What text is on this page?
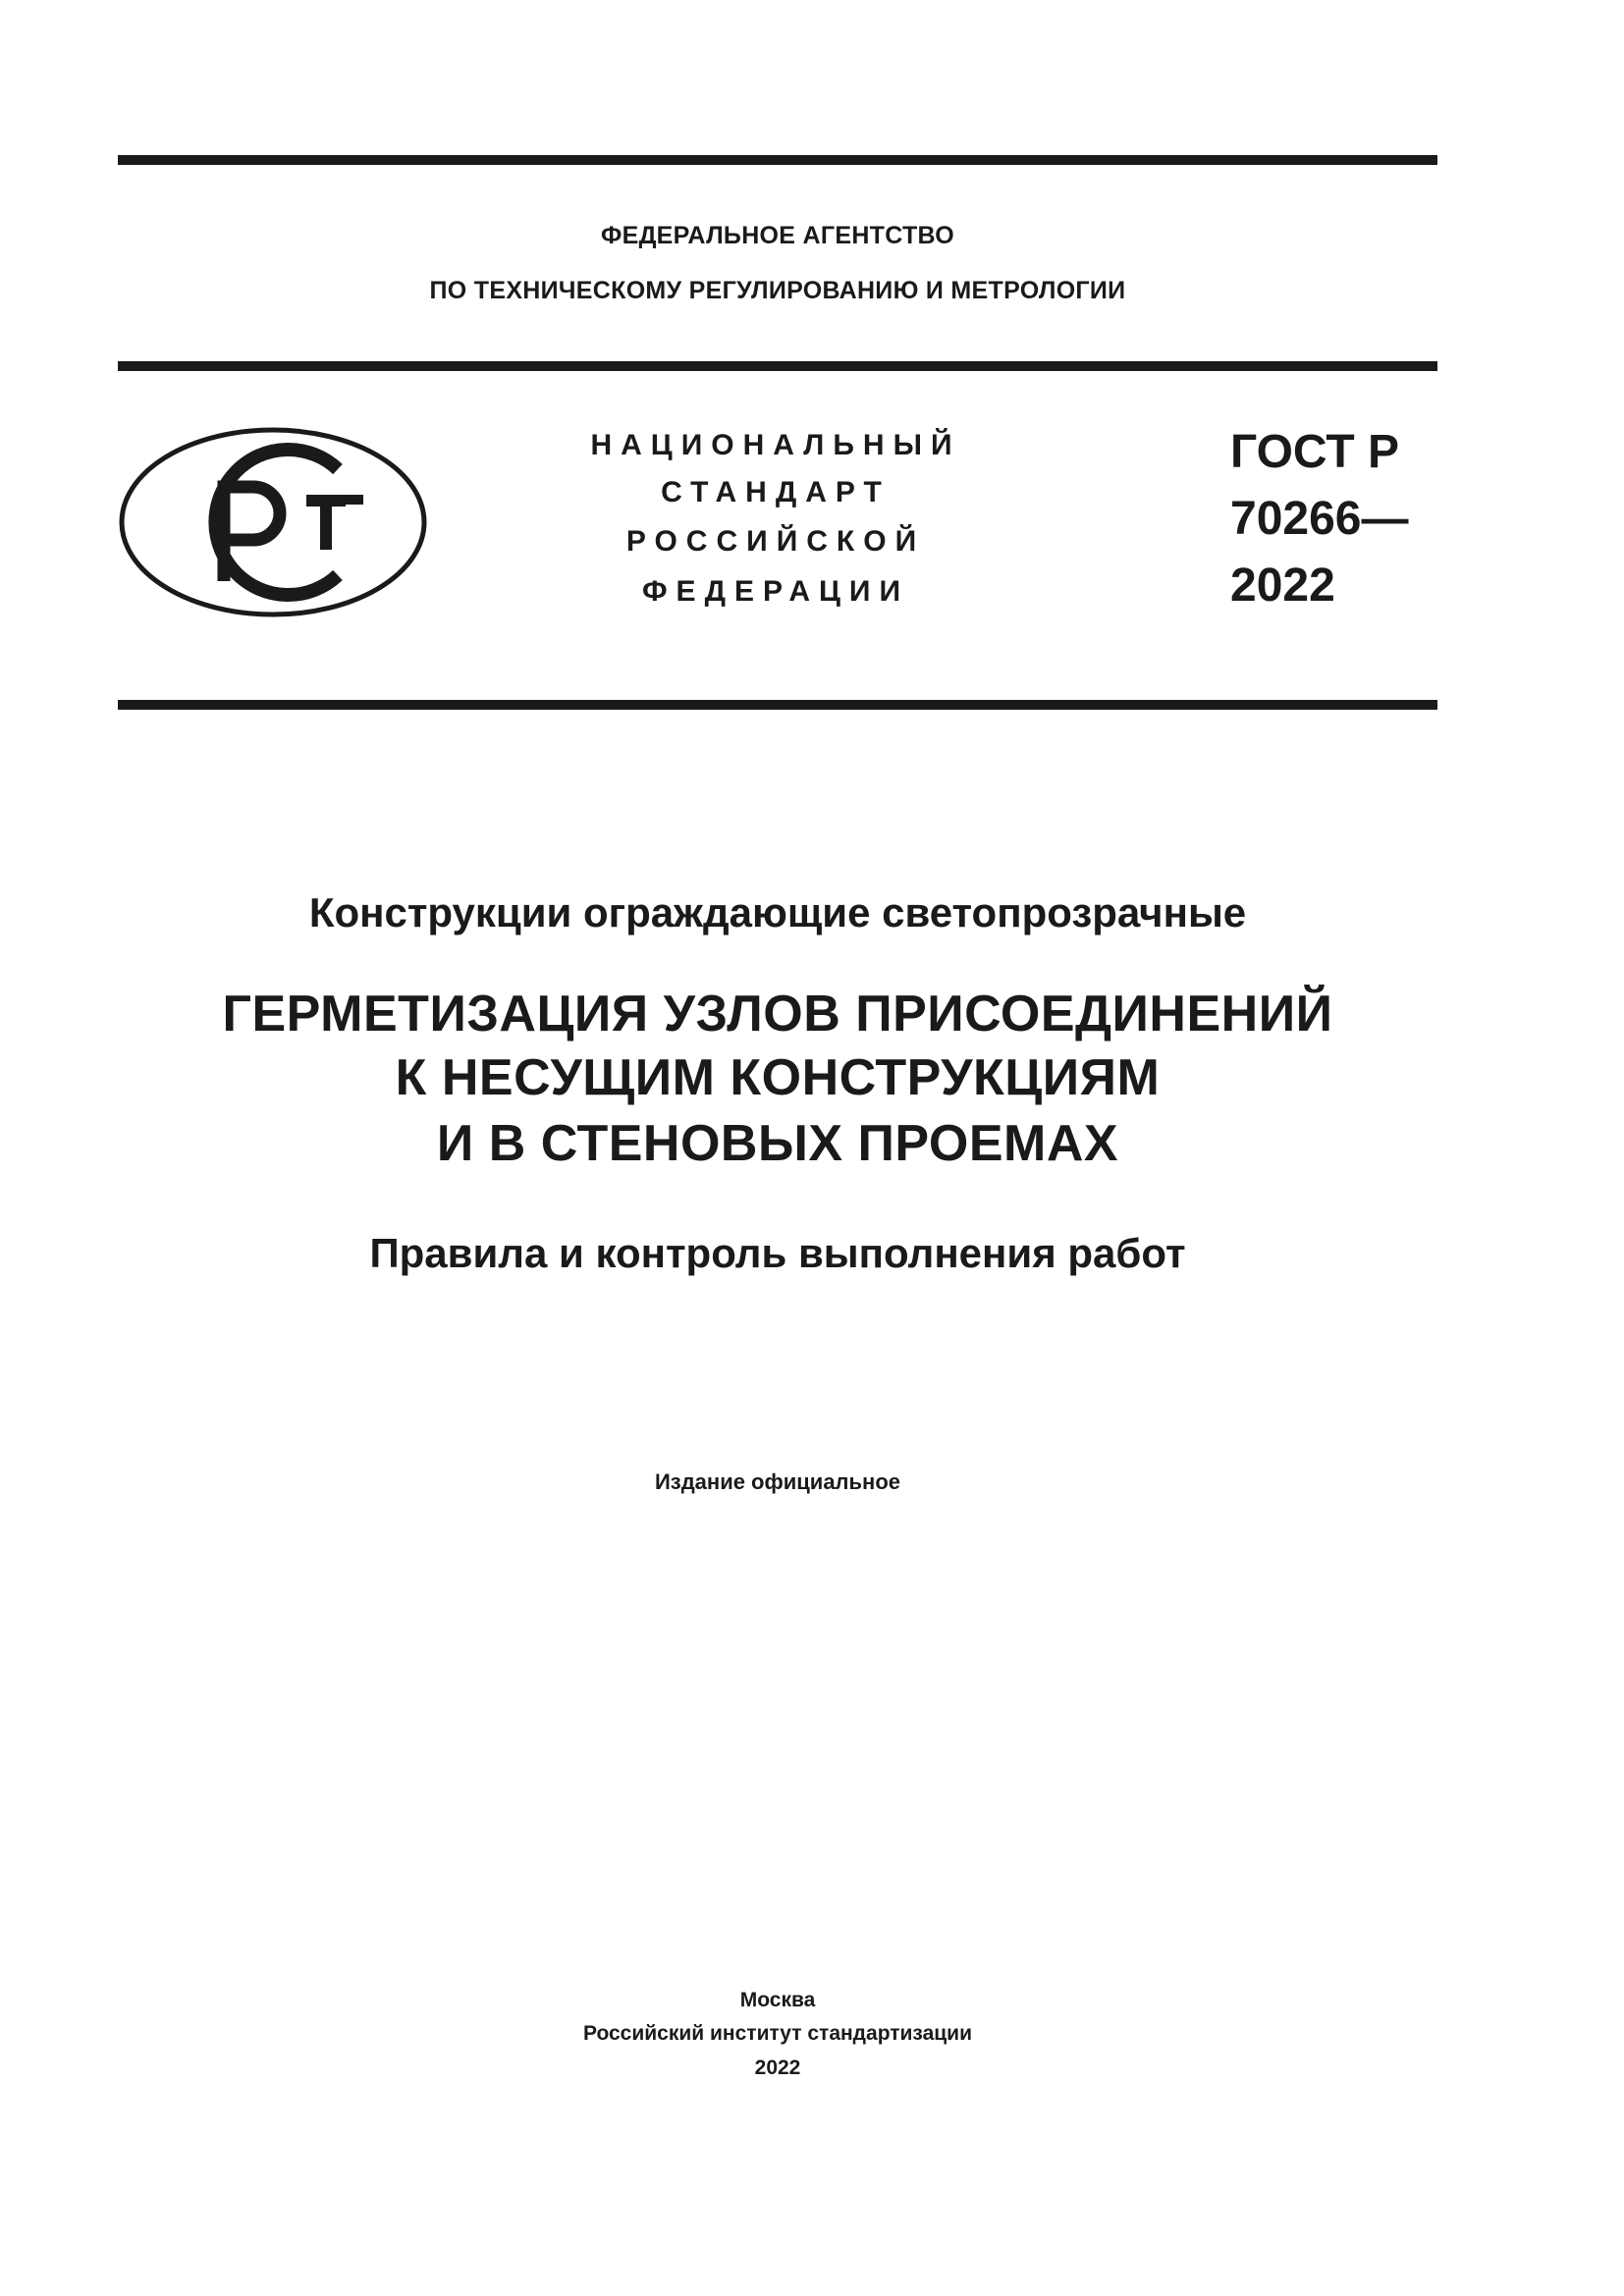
ФЕДЕРАЛЬНОЕ АГЕНТСТВО
ПО ТЕХНИЧЕСКОМУ РЕГУЛИРОВАНИЮ И МЕТРОЛОГИИ
НАЦИОНАЛЬНЫЙ
СТАНДАРТ
РОССИЙСКОЙ
ФЕДЕРАЦИИ
ГОСТ Р
70266—
2022
Конструкции ограждающие светопрозрачные
ГЕРМЕТИЗАЦИЯ УЗЛОВ ПРИСОЕДИНЕНИЙ
К НЕСУЩИМ КОНСТРУКЦИЯМ
И В СТЕНОВЫХ ПРОЕМАХ
Правила и контроль выполнения работ
Издание официальное
Москва
Российский институт стандартизации
2022
